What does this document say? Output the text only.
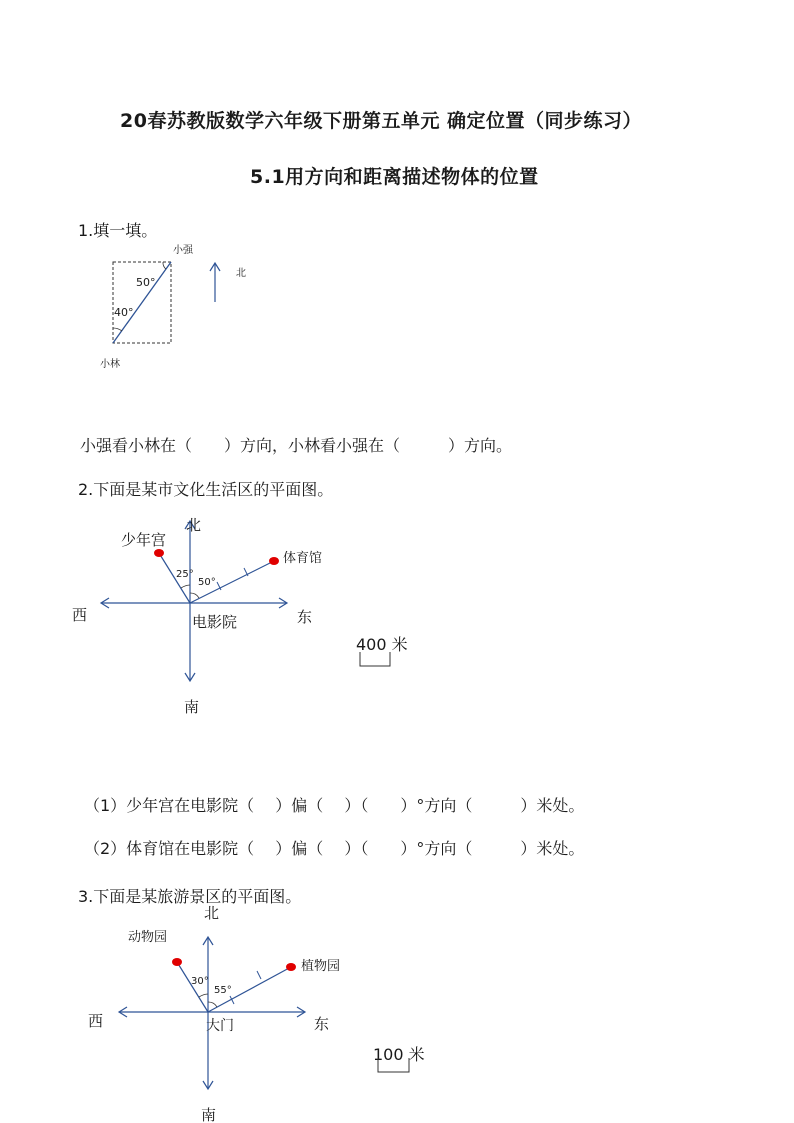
20春苏教版数学六年级下册第五单元 确定位置（同步练习）
5.1用方向和距离描述物体的位置
1.填一填。
50°
40°
小强
小林
北
小强看小林在（　　）方向，小林看小强在（　　　）方向。
2.下面是某市文化生活区的平面图。
少年宫
体育馆
25°
50°
北
南
西	东
电影院
400 米
（1）少年宫在电影院（　 ）偏（　 ）（　　）°方向（　　　）米处。
（2）体育馆在电影院（　 ）偏（　 ）（　　）°方向（　　　）米处。
3.下面是某旅游景区的平面图。
动物园
植物园
30°
55°
北
南
西	东
大门
100 米
